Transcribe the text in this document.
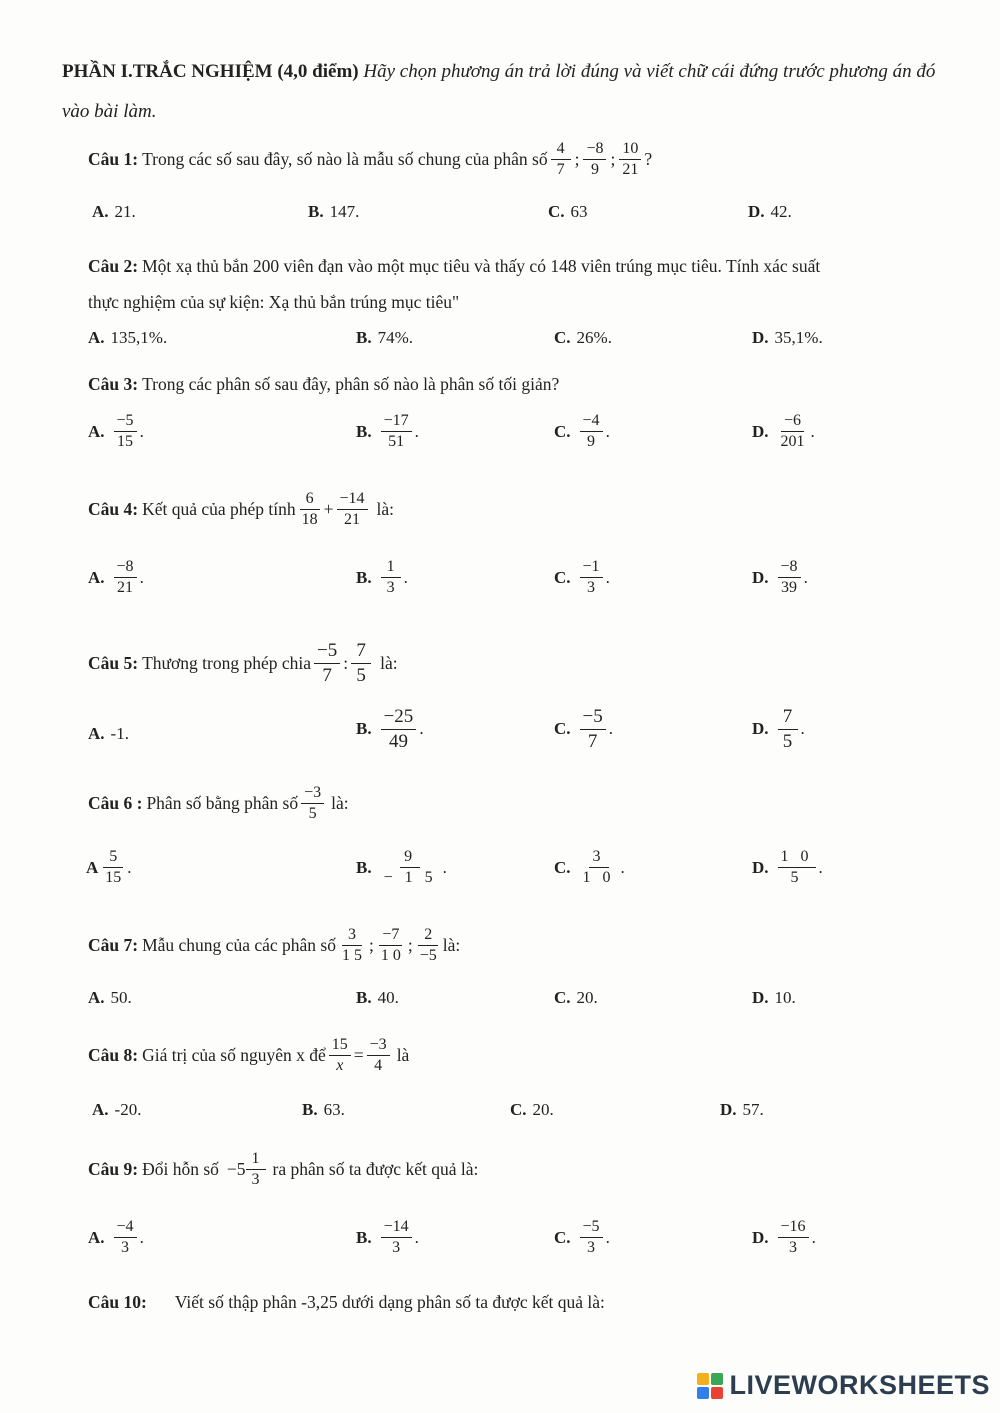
PHẦN I.TRẮC NGHIỆM (4,0 điểm) Hãy chọn phương án trả lời đúng và viết chữ cái đứng trước phương án đó vào bài làm.
Câu 1: Trong các số sau đây, số nào là mẫu số chung của phân số $\frac{4}{7}$ ; $\frac{-8}{9}$ ; $\frac{10}{21}$ ?
A. 21.	B. 147.	C. 63	D. 42.
Câu 2: Một xạ thủ bắn 200 viên đạn vào một mục tiêu và thấy có 148 viên trúng mục tiêu. Tính xác suất
thực nghiệm của sự kiện: Xạ thủ bắn trúng mục tiêu"
A. 135,1%.	B. 74%.	C. 26%.	D. 35,1%.
Câu 3: Trong các phân số sau đây, phân số nào là phân số tối giản?
A. $\frac{-5}{15}$ .	B. $\frac{-17}{51}$ .	C. $\frac{-4}{9}$ .	D. $\frac{-6}{201}$ .
Câu 4: Kết quả của phép tính $\frac{6}{18} + \frac{-14}{21}$ là:
A. $\frac{-8}{21}$ .	B. $\frac{1}{3}$ .	C. $\frac{-1}{3}$ .	D. $\frac{-8}{39}$ .
Câu 5: Thương trong phép chia $\frac{-5}{7}$ : $\frac{7}{5}$ là:
A. -1.	B. $\frac{-25}{49}$ .	C. $\frac{-5}{7}$ .	D. $\frac{7}{5}$ .
Câu 6 : Phân số bằng phân số $\frac{-3}{5}$ là:
A $\frac{5}{15}$ .	B. $\frac{9}{- 1 5}$ .	C. $\frac{3}{1 0}$ .	D. $\frac{1 0}{5}$ .
Câu 7: Mẫu chung của các phân số $\frac{3}{1 5}$ ; $\frac{-7}{1 0}$ ; $\frac{2}{-5}$ là:
A. 50.	B. 40.	C. 20.	D. 10.
Câu 8: Giá trị của số nguyên x để $\frac{15}{x} = \frac{-3}{4}$ là
A. -20.	B. 63.	C. 20.	D. 57.
Câu 9: Đổi hỗn số $-5 \frac{1}{3}$ ra phân số ta được kết quả là:
A. $\frac{-4}{3}$ .	B. $\frac{-14}{3}$ .	C. $\frac{-5}{3}$ .	D. $\frac{-16}{3}$ .
Câu 10: Viết số thập phân -3,25 dưới dạng phân số ta được kết quả là:
LIVEWORKSHEETS
